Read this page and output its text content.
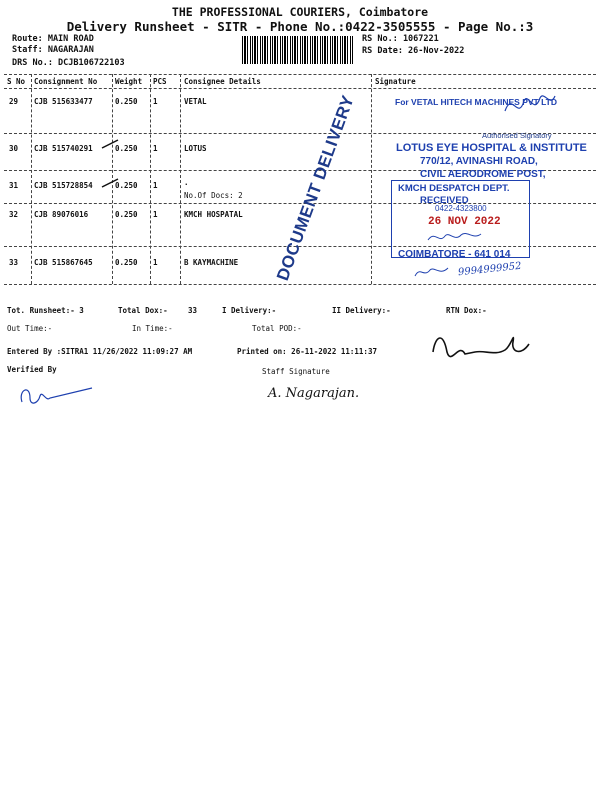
THE PROFESSIONAL COURIERS, Coimbatore
Delivery Runsheet - SITR - Phone No.:0422-3505555 - Page No.:3
Route: MAIN ROAD
Staff: NAGARAJAN
DRS No.: DCJB106722103
RS No.: 1067221
RS Date: 26-Nov-2022
S No Consignment No Weight PCS Consignee Details	Signature
29 CJB 515633477	0.250 1	VETAL
30 CJB 515740291	0.250 1	LOTUS
31 CJB 515728854	0.250 1	.
No.Of Docs: 2
32 CJB 89076016	0.250 1	KMCH HOSPATAL
33 CJB 515867645	0.250 1	B KAYMACHINE DOCUMENT DELIVERY	For VETAL HITECH MACHINES PVT LTD
Authorised Signatory
LOTUS EYE HOSPITAL & INSTITUTE
770/12, AVINASHI ROAD,
CIVIL AERODROME POST,
KMCH DESPATCH DEPT.
RECEIVED
0422-4323800
26 NOV 2022
COIMBATORE - 641 014
9994999952
Tot. Runsheet:- 3	Total Dox:-	33	I Delivery:-	II Delivery:-	RTN Dox:-
Out Time:-	In Time:-	Total POD:-
Entered By :SITRA1 11/26/2022 11:09:27 AM	Printed on: 26-11-2022 11:11:37
Verified By	Staff Signature
A. Nagarajan.
